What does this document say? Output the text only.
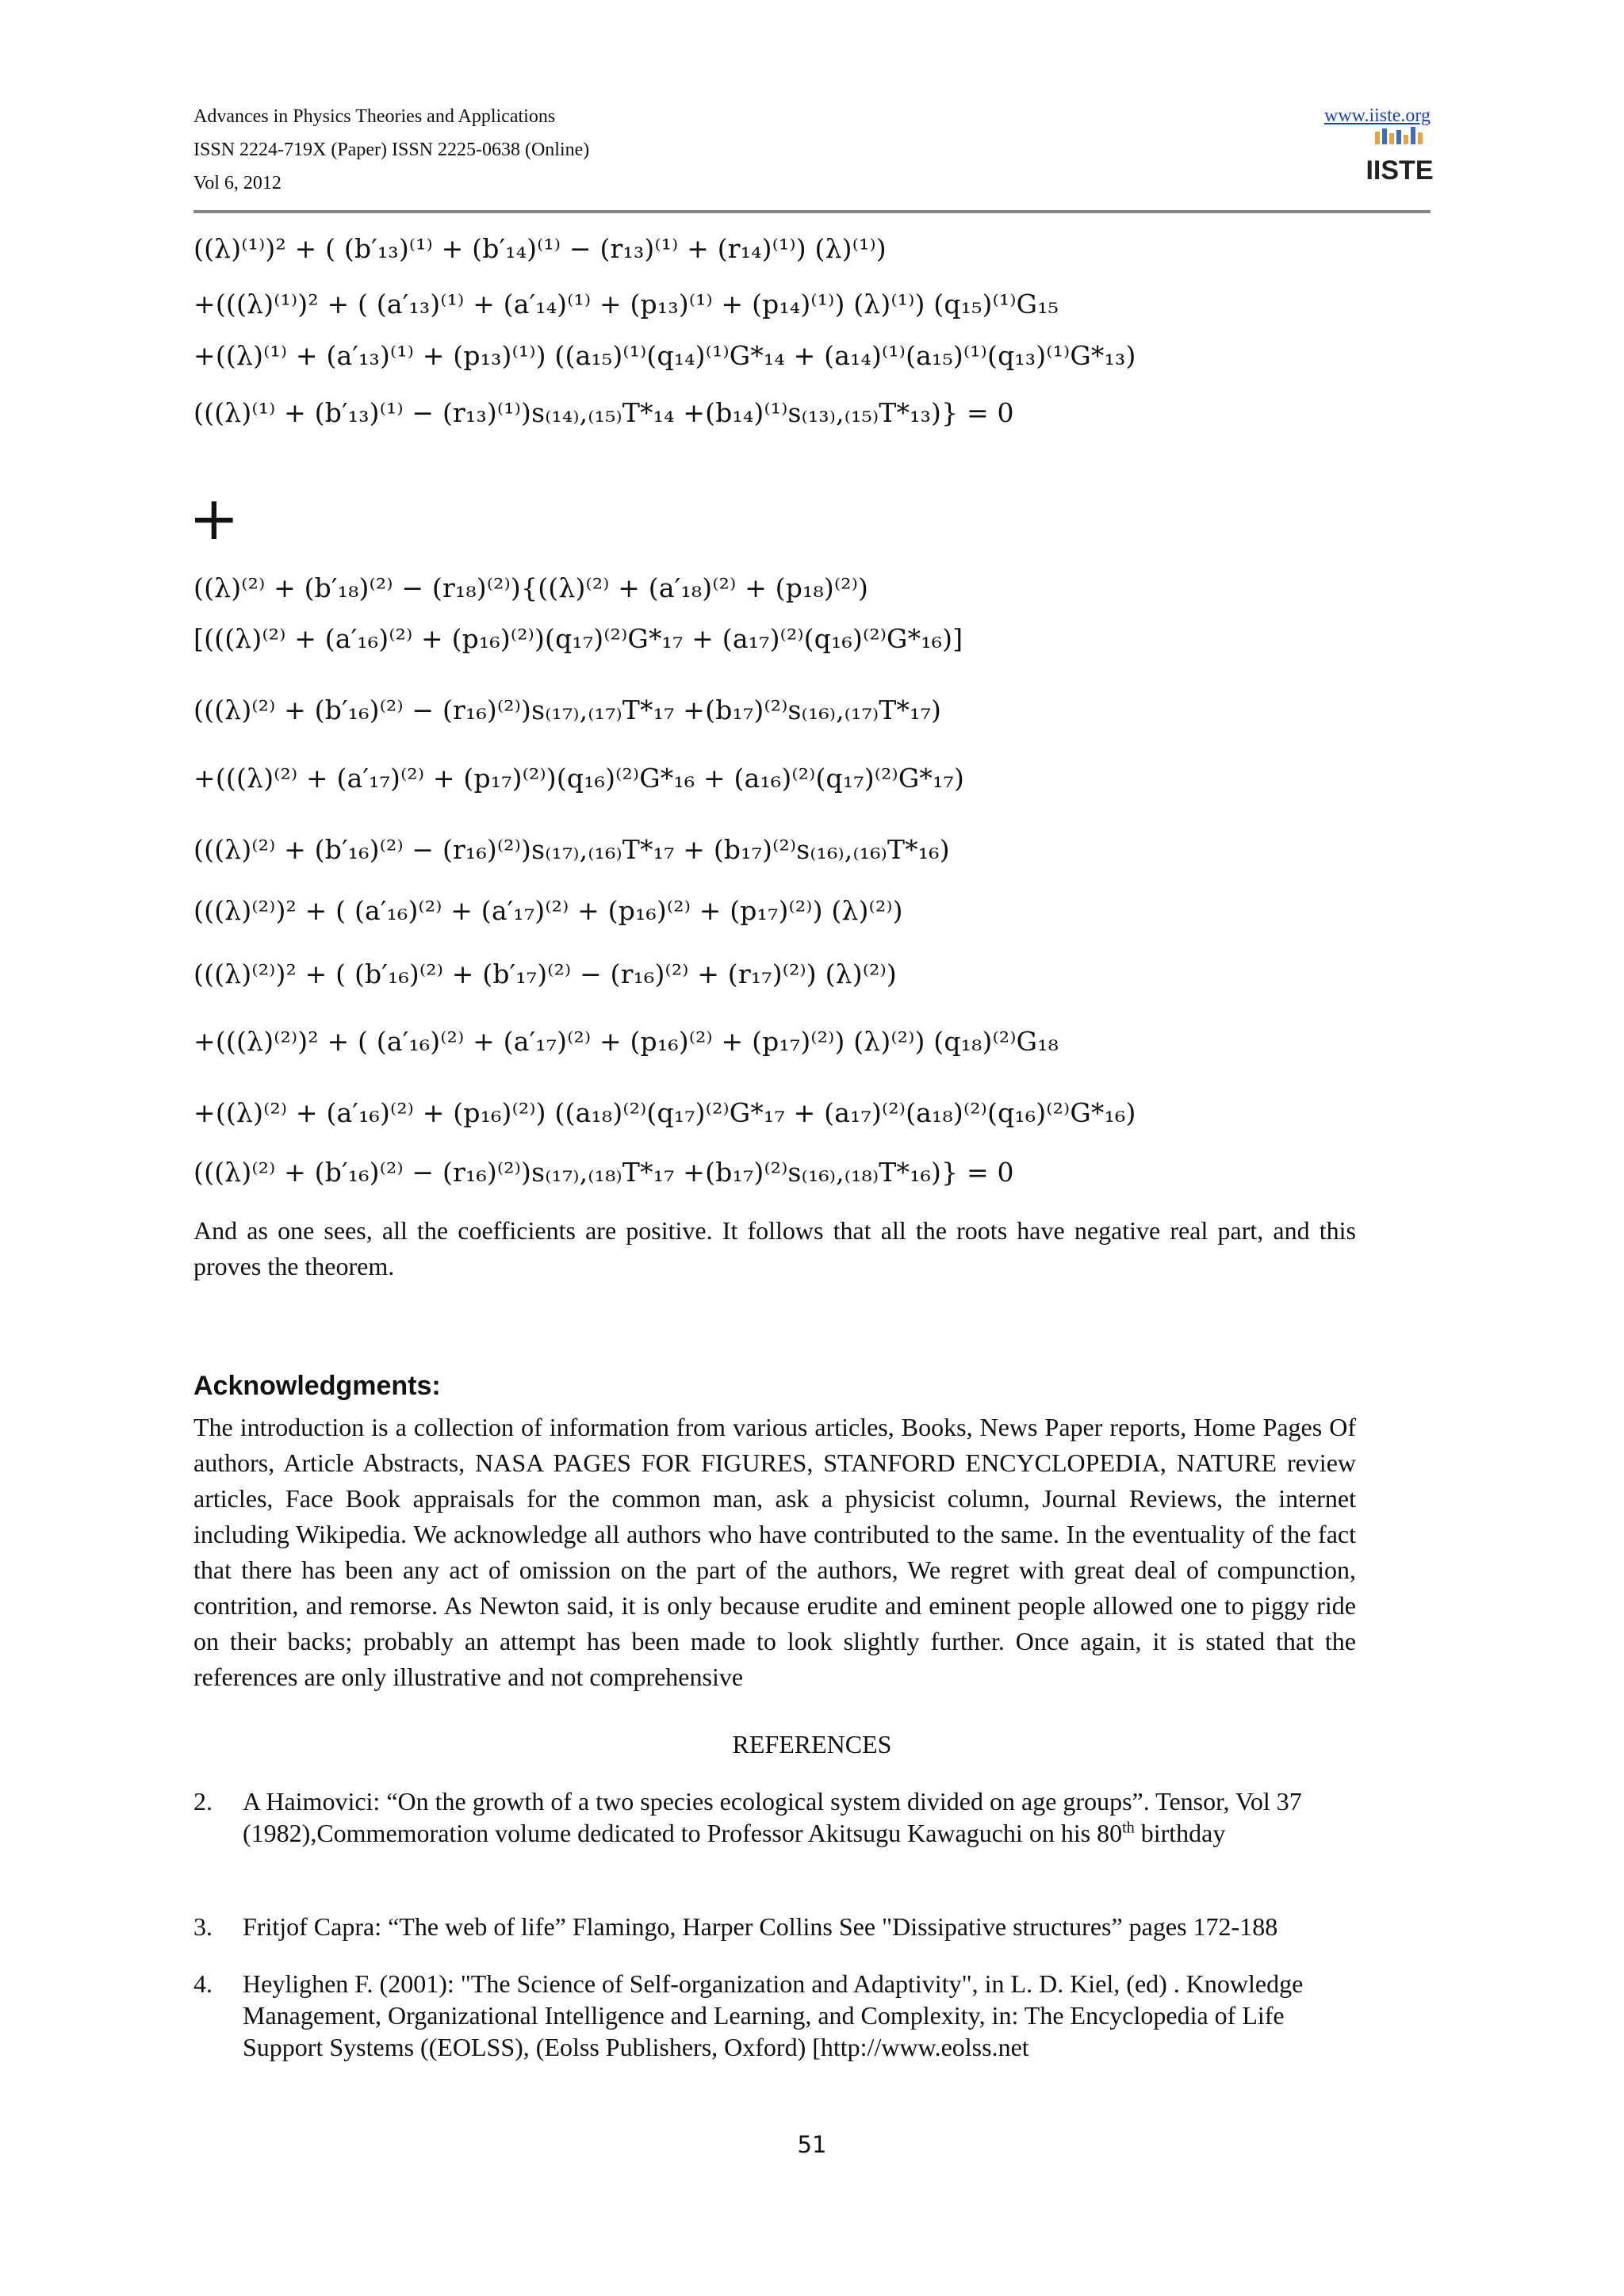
Advances in Physics Theories and Applications
ISSN 2224-719X (Paper) ISSN 2225-0638 (Online)
Vol 6, 2012
www.iiste.org
IISTE
((λ)⁽¹⁾)² + ( (b′₁₃)⁽¹⁾ + (b′₁₄)⁽¹⁾ − (r₁₃)⁽¹⁾ + (r₁₄)⁽¹⁾) (λ)⁽¹⁾)
+(((λ)⁽¹⁾)² + ( (a′₁₃)⁽¹⁾ + (a′₁₄)⁽¹⁾ + (p₁₃)⁽¹⁾ + (p₁₄)⁽¹⁾) (λ)⁽¹⁾) (q₁₅)⁽¹⁾G₁₅
+((λ)⁽¹⁾ + (a′₁₃)⁽¹⁾ + (p₁₃)⁽¹⁾) ((a₁₅)⁽¹⁾(q₁₄)⁽¹⁾G*₁₄ + (a₁₄)⁽¹⁾(a₁₅)⁽¹⁾(q₁₃)⁽¹⁾G*₁₃)
(((λ)⁽¹⁾ + (b′₁₃)⁽¹⁾ − (r₁₃)⁽¹⁾)s₍₁₄₎,₍₁₅₎T*₁₄ +(b₁₄)⁽¹⁾s₍₁₃₎,₍₁₅₎T*₁₃)} = 0
+
((λ)⁽²⁾ + (b′₁₈)⁽²⁾ − (r₁₈)⁽²⁾){((λ)⁽²⁾ + (a′₁₈)⁽²⁾ + (p₁₈)⁽²⁾)
[(((λ)⁽²⁾ + (a′₁₆)⁽²⁾ + (p₁₆)⁽²⁾)(q₁₇)⁽²⁾G*₁₇ + (a₁₇)⁽²⁾(q₁₆)⁽²⁾G*₁₆)]
(((λ)⁽²⁾ + (b′₁₆)⁽²⁾ − (r₁₆)⁽²⁾)s₍₁₇₎,₍₁₇₎T*₁₇ +(b₁₇)⁽²⁾s₍₁₆₎,₍₁₇₎T*₁₇)
+(((λ)⁽²⁾ + (a′₁₇)⁽²⁾ + (p₁₇)⁽²⁾)(q₁₆)⁽²⁾G*₁₆ + (a₁₆)⁽²⁾(q₁₇)⁽²⁾G*₁₇)
(((λ)⁽²⁾ + (b′₁₆)⁽²⁾ − (r₁₆)⁽²⁾)s₍₁₇₎,₍₁₆₎T*₁₇ + (b₁₇)⁽²⁾s₍₁₆₎,₍₁₆₎T*₁₆)
(((λ)⁽²⁾)² + ( (a′₁₆)⁽²⁾ + (a′₁₇)⁽²⁾ + (p₁₆)⁽²⁾ + (p₁₇)⁽²⁾) (λ)⁽²⁾)
(((λ)⁽²⁾)² + ( (b′₁₆)⁽²⁾ + (b′₁₇)⁽²⁾ − (r₁₆)⁽²⁾ + (r₁₇)⁽²⁾) (λ)⁽²⁾)
+(((λ)⁽²⁾)² + ( (a′₁₆)⁽²⁾ + (a′₁₇)⁽²⁾ + (p₁₆)⁽²⁾ + (p₁₇)⁽²⁾) (λ)⁽²⁾) (q₁₈)⁽²⁾G₁₈
+((λ)⁽²⁾ + (a′₁₆)⁽²⁾ + (p₁₆)⁽²⁾) ((a₁₈)⁽²⁾(q₁₇)⁽²⁾G*₁₇ + (a₁₇)⁽²⁾(a₁₈)⁽²⁾(q₁₆)⁽²⁾G*₁₆)
(((λ)⁽²⁾ + (b′₁₆)⁽²⁾ − (r₁₆)⁽²⁾)s₍₁₇₎,₍₁₈₎T*₁₇ +(b₁₇)⁽²⁾s₍₁₆₎,₍₁₈₎T*₁₆)} = 0
And as one sees, all the coefficients are positive. It follows that all the roots have negative real part, and this proves the theorem.
Acknowledgments:
The introduction is a collection of information from various articles, Books, News Paper reports, Home Pages Of authors, Article Abstracts, NASA PAGES FOR FIGURES, STANFORD ENCYCLOPEDIA, NATURE review articles, Face Book appraisals for the common man, ask a physicist column, Journal Reviews, the internet including Wikipedia. We acknowledge all authors who have contributed to the same. In the eventuality of the fact that there has been any act of omission on the part of the authors, We regret with great deal of compunction, contrition, and remorse. As Newton said, it is only because erudite and eminent people allowed one to piggy ride on their backs; probably an attempt has been made to look slightly further. Once again, it is stated that the references are only illustrative and not comprehensive
REFERENCES
2. A Haimovici: “On the growth of a two species ecological system divided on age groups”. Tensor, Vol 37 (1982),Commemoration volume dedicated to Professor Akitsugu Kawaguchi on his 80th birthday
3. Fritjof Capra: “The web of life” Flamingo, Harper Collins See "Dissipative structures” pages 172-188
4. Heylighen F. (2001): "The Science of Self-organization and Adaptivity", in L. D. Kiel, (ed) . Knowledge Management, Organizational Intelligence and Learning, and Complexity, in: The Encyclopedia of Life Support Systems ((EOLSS), (Eolss Publishers, Oxford) [http://www.eolss.net
51
